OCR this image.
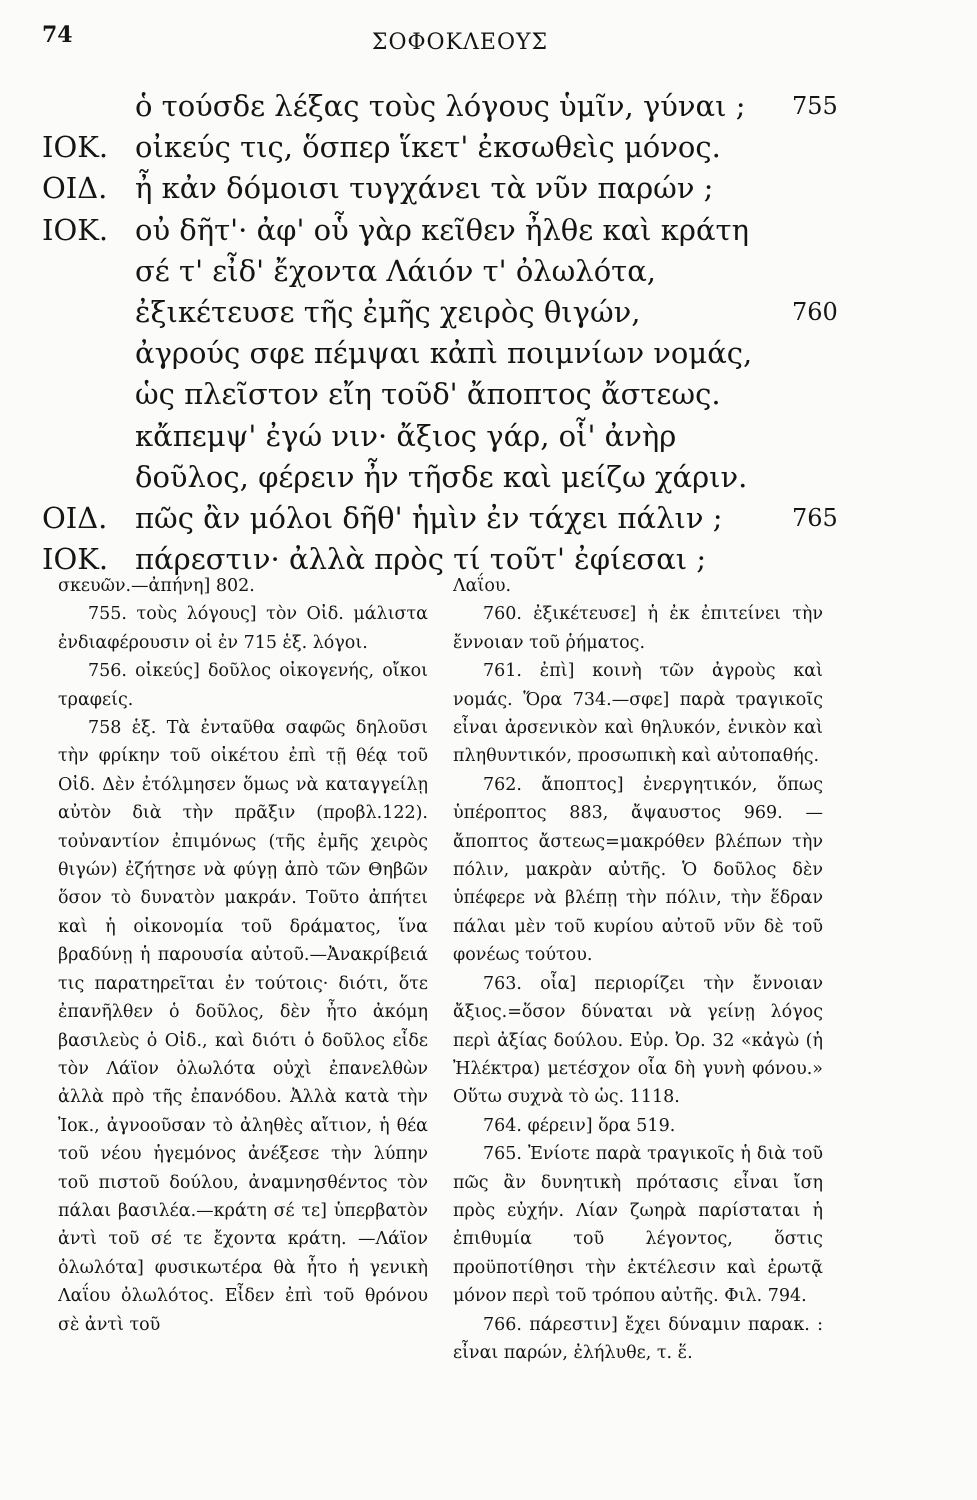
74	ΣΟΦΟΚΛΕΟΥΣ
ὁ τούσδε λέξας τοὺς λόγους ὑμῖν, γύναι ; 755
ΙΟΚ. οἰκεύς τις, ὅσπερ ἵκετ' ἐκσωθεὶς μόνος.
ΟΙΔ. ἦ κἀν δόμοισι τυγχάνει τὰ νῦν παρών ;
ΙΟΚ. οὐ δῆτ'· ἀφ' οὗ γὰρ κεῖθεν ἦλθε καὶ κράτη
σέ τ' εἶδ' ἔχοντα Λάιόν τ' ὀλωλότα,
ἐξικέτευσε τῆς ἐμῆς χειρὸς θιγών,	760
ἀγρούς σφε πέμψαι κἀπὶ ποιμνίων νομάς,
ὡς πλεῖστον εἴη τοῦδ' ἄποπτος ἄστεως.
κἄπεμψ' ἐγώ νιν· ἄξιος γάρ, οἷ' ἀνὴρ
δοῦλος, φέρειν ἦν τῆσδε καὶ μείζω χάριν.
ΟΙΔ. πῶς ἂν μόλοι δῆθ' ἡμὶν ἐν τάχει πάλιν ;	765
ΙΟΚ. πάρεστιν· ἀλλὰ πρὸς τί τοῦτ' ἐφίεσαι ;

σκευῶν.—ἀπήνη] 802.

755. τοὺς λόγους] τὸν Οἰδ. μάλιστα ἐνδιαφέρουσιν οἱ ἐν 715 ἑξ. λόγοι.

756. οἰκεύς] δοῦλος οἰκογενής, οἴκοι τραφείς.

758 ἑξ. Τὰ ἐνταῦθα σαφῶς δηλοῦσι τὴν φρίκην τοῦ οἰκέτου ἐπὶ τῇ θέᾳ τοῦ Οἰδ. Δὲν ἐτόλμησεν ὅμως νὰ καταγγείλῃ αὐτὸν διὰ τὴν πρᾶξιν (προβλ.122). τοὐναντίον ἐπιμόνως (τῆς ἐμῆς χειρὸς θιγών) ἐζήτησε νὰ φύγῃ ἀπὸ τῶν Θηβῶν ὅσον τὸ δυνατὸν μακράν. Τοῦτο ἀπήτει καὶ ἡ οἰκονομία τοῦ δράματος, ἵνα βραδύνῃ ἡ παρουσία αὐτοῦ.—Ἀνακρίβειά τις παρατηρεῖται ἐν τούτοις· διότι, ὅτε ἐπανῆλθεν ὁ δοῦλος, δὲν ἦτο ἀκόμη βασιλεὺς ὁ Οἰδ., καὶ διότι ὁ δοῦλος εἶδε τὸν Λάϊον ὀλωλότα οὐχὶ ἐπανελθὼν ἀλλὰ πρὸ τῆς ἐπανόδου. Ἀλλὰ κατὰ τὴν Ἰοκ., ἀγνοοῦσαν τὸ ἀληθὲς αἴτιον, ἡ θέα τοῦ νέου ἡγεμόνος ἀνέξεσε τὴν λύπην τοῦ πιστοῦ δούλου, ἀναμνησθέντος τὸν πάλαι βασιλέα.—κράτη σέ τε] ὑπερβατὸν ἀντὶ τοῦ σέ τε ἔχοντα κράτη. —Λάϊον ὀλωλότα] φυσικωτέρα θὰ ἦτο ἡ γενικὴ Λαΐου ὀλωλότος. Εἶδεν ἐπὶ τοῦ θρόνου σὲ ἀντὶ τοῦ

Λαΐου.

760. ἐξικέτευσε] ἡ ἐκ ἐπιτείνει τὴν ἔννοιαν τοῦ ῥήματος.

761. ἐπὶ] κοινὴ τῶν ἀγροὺς καὶ νομάς. Ὅρα 734.—σφε] παρὰ τραγικοῖς εἶναι ἀρσενικὸν καὶ θηλυκόν, ἑνικὸν καὶ πληθυντικόν, προσωπικὴ καὶ αὐτοπαθής.

762. ἄποπτος] ἐνεργητικόν, ὅπως ὑπέροπτος 883, ἄψαυστος 969. — ἄποπτος ἄστεως=μακρόθεν βλέπων τὴν πόλιν, μακρὰν αὐτῆς. Ὁ δοῦλος δὲν ὑπέφερε νὰ βλέπῃ τὴν πόλιν, τὴν ἕδραν πάλαι μὲν τοῦ κυρίου αὐτοῦ νῦν δὲ τοῦ φονέως τούτου.

763. οἷα] περιορίζει τὴν ἔννοιαν ἄξιος.=ὅσον δύναται νὰ γείνῃ λόγος περὶ ἀξίας δούλου. Εὐρ. Ὀρ. 32 «κἀγὼ (ἡ Ἠλέκτρα) μετέσχον οἷα δὴ γυνὴ φόνου.» Οὕτω συχνὰ τὸ ὡς. 1118.

764. φέρειν] ὅρα 519.

765. Ἐνίοτε παρὰ τραγικοῖς ἡ διὰ τοῦ πῶς ἂν δυνητικὴ πρότασις εἶναι ἴση πρὸς εὐχήν. Λίαν ζωηρὰ παρίσταται ἡ ἐπιθυμία τοῦ λέγοντος, ὅστις προϋποτίθησι τὴν ἐκτέλεσιν καὶ ἐρωτᾷ μόνον περὶ τοῦ τρόπου αὐτῆς. Φιλ. 794.

766. πάρεστιν] ἔχει δύναμιν παρακ. : εἶναι παρών, ἐλήλυθε, τ. ἕ.
